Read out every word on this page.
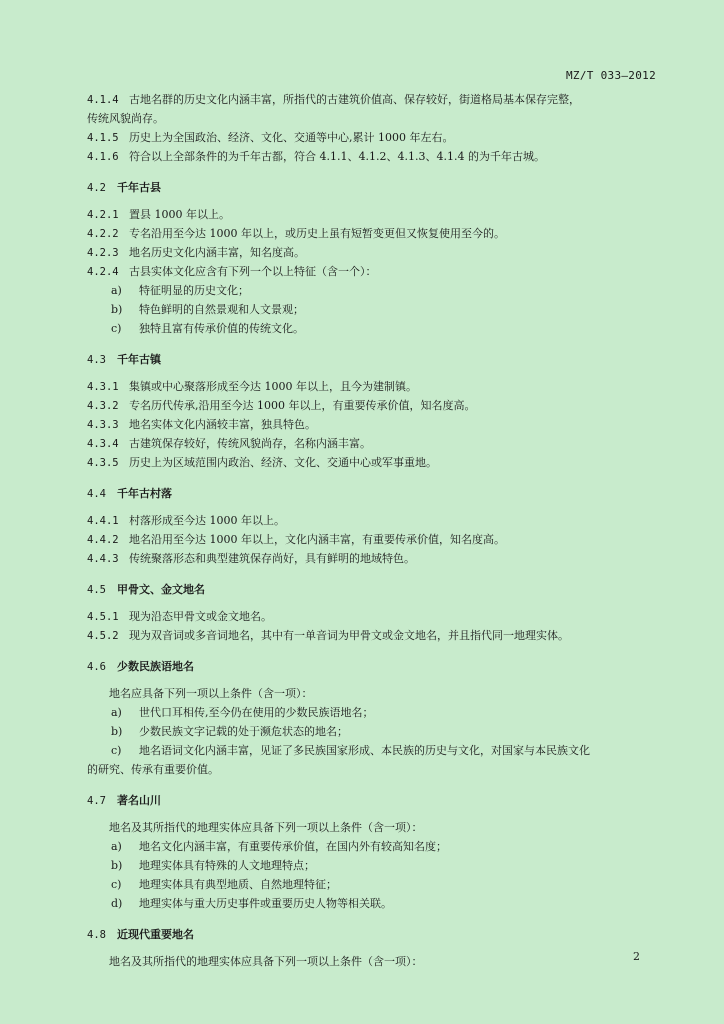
MZ/T 033—2012
4.1.4 古地名群的历史文化内涵丰富，所指代的古建筑价值高、保存较好，街道格局基本保存完整，
传统风貌尚存。
4.1.5 历史上为全国政治、经济、文化、交通等中心,累计 1000 年左右。
4.1.6 符合以上全部条件的为千年古都，符合 4.1.1、4.1.2、4.1.3、4.1.4 的为千年古城。
4.2 千年古县
4.2.1 置县 1000 年以上。
4.2.2 专名沿用至今达 1000 年以上，或历史上虽有短暂变更但又恢复使用至今的。
4.2.3 地名历史文化内涵丰富，知名度高。
4.2.4 古县实体文化应含有下列一个以上特征（含一个）：
a) 特征明显的历史文化；
b) 特色鲜明的自然景观和人文景观；
c) 独特且富有传承价值的传统文化。
4.3 千年古镇
4.3.1 集镇或中心聚落形成至今达 1000 年以上，且今为建制镇。
4.3.2 专名历代传承,沿用至今达 1000 年以上，有重要传承价值，知名度高。
4.3.3 地名实体文化内涵较丰富，独具特色。
4.3.4 古建筑保存较好，传统风貌尚存，名称内涵丰富。
4.3.5 历史上为区域范围内政治、经济、文化、交通中心或军事重地。
4.4 千年古村落
4.4.1 村落形成至今达 1000 年以上。
4.4.2 地名沿用至今达 1000 年以上，文化内涵丰富，有重要传承价值，知名度高。
4.4.3 传统聚落形态和典型建筑保存尚好，具有鲜明的地域特色。
4.5 甲骨文、金文地名
4.5.1 现为沿态甲骨文或金文地名。
4.5.2 现为双音词或多音词地名，其中有一单音词为甲骨文或金文地名，并且指代同一地理实体。
4.6 少数民族语地名
地名应具备下列一项以上条件（含一项）：
a) 世代口耳相传,至今仍在使用的少数民族语地名；
b) 少数民族文字记载的处于濒危状态的地名；
c) 地名语词文化内涵丰富，见证了多民族国家形成、本民族的历史与文化，对国家与本民族文化
的研究、传承有重要价值。
4.7 著名山川
地名及其所指代的地理实体应具备下列一项以上条件（含一项）：
a) 地名文化内涵丰富，有重要传承价值，在国内外有较高知名度；
b) 地理实体具有特殊的人文地理特点；
c) 地理实体具有典型地质、自然地理特征；
d) 地理实体与重大历史事件或重要历史人物等相关联。
4.8 近现代重要地名
地名及其所指代的地理实体应具备下列一项以上条件（含一项）：	2
